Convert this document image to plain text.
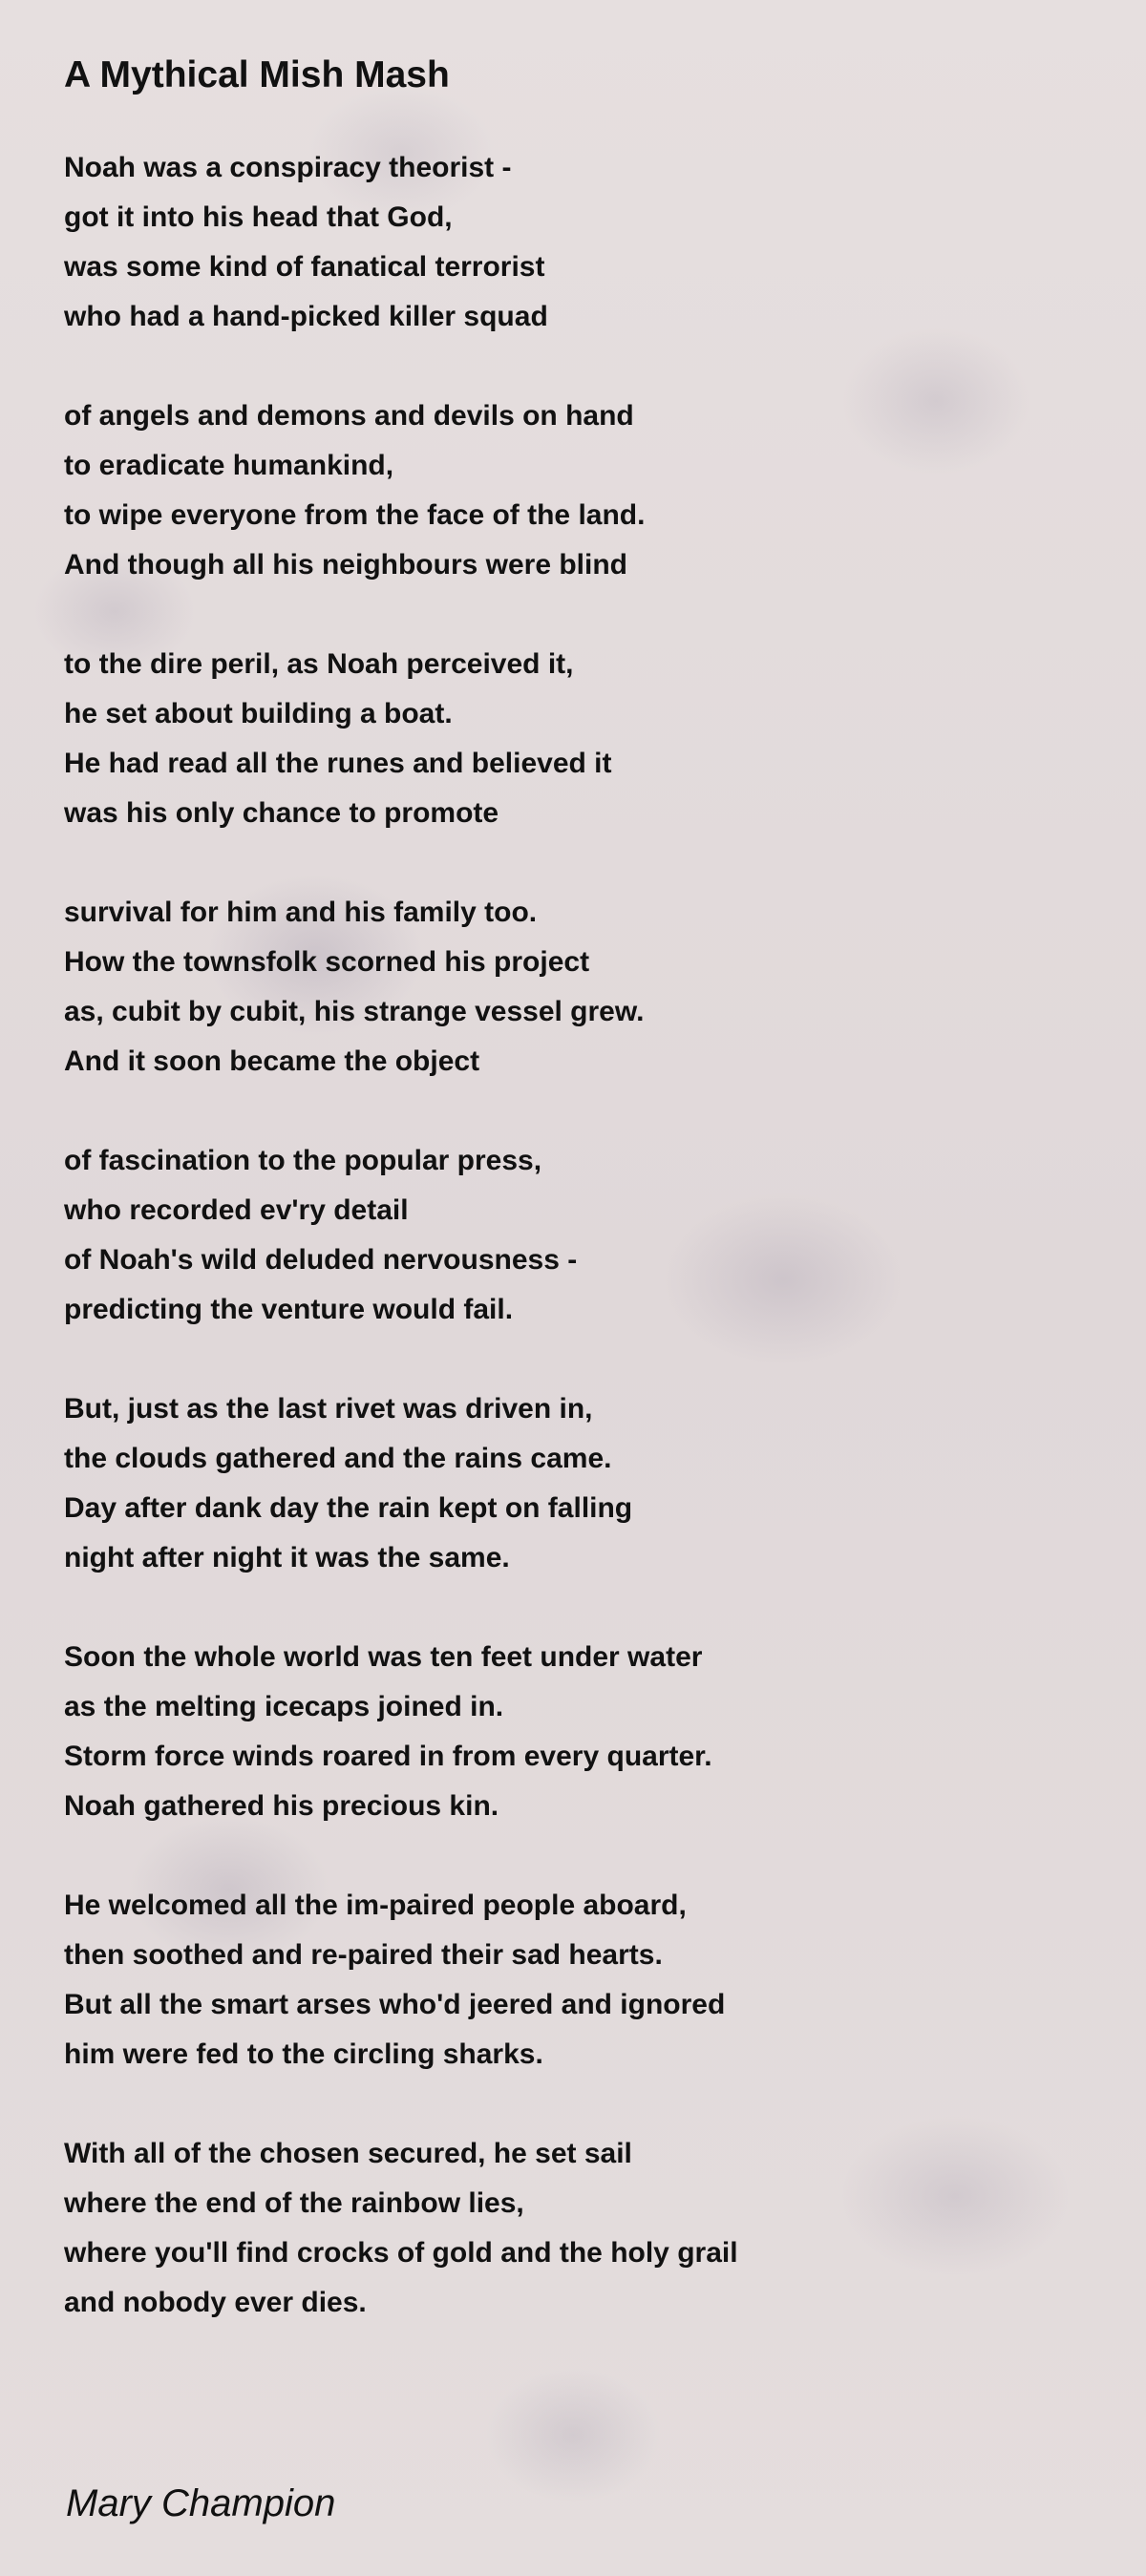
A Mythical Mish Mash
Noah was a conspiracy theorist -
got it into his head that God,
was some kind of fanatical terrorist
who had a hand-picked killer squad
of angels and demons and devils on hand
to eradicate humankind,
to wipe everyone from the face of the land.
And though all his neighbours were blind
to the dire peril, as Noah perceived it,
he set about building a boat.
He had read all the runes and believed it
was his only chance to promote
survival for him and his family too.
How the townsfolk scorned his project
as, cubit by cubit, his strange vessel grew.
And it soon became the object
of fascination to the popular press,
who recorded ev'ry detail
of Noah's wild deluded nervousness -
predicting the venture would fail.
But, just as the last rivet was driven in,
the clouds gathered and the rains came.
Day after dank day the rain kept on falling
night after night it was the same.
Soon the whole world was ten feet under water
as the melting icecaps joined in.
Storm force winds roared in from every quarter.
Noah gathered his precious kin.
He welcomed all the im-paired people aboard,
then soothed and re-paired their sad hearts.
But all the smart arses who'd jeered and ignored
him were fed to the circling sharks.
With all of the chosen secured, he set sail
where the end of the rainbow lies,
where you'll find crocks of gold and the holy grail
and nobody ever dies.
Mary Champion
